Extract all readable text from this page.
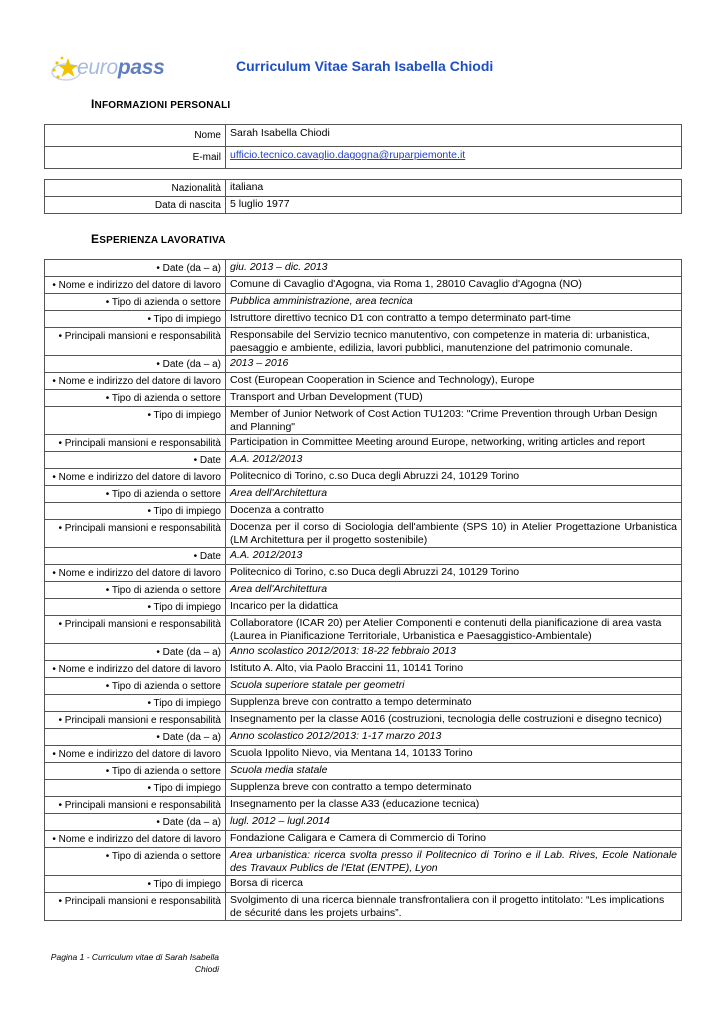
europass	Curriculum Vitae Sarah Isabella Chiodi
INFORMAZIONI PERSONALI
Nome	Sarah Isabella Chiodi
E-mail	ufficio.tecnico.cavaglio.dagogna@ruparpiemonte.it
Nazionalità	italiana
Data di nascita	5 luglio 1977
ESPERIENZA LAVORATIVA
• Date (da – a)	giu. 2013 – dic. 2013
• Nome e indirizzo del datore di lavoro	Comune di Cavaglio d'Agogna, via Roma 1, 28010 Cavaglio d'Agogna (NO)
• Tipo di azienda o settore	Pubblica amministrazione, area tecnica
• Tipo di impiego	Istruttore direttivo tecnico D1 con contratto a tempo determinato part-time
• Principali mansioni e responsabilità	Responsabile del Servizio tecnico manutentivo, con competenze in materia di: urbanistica, paesaggio e ambiente, edilizia, lavori pubblici, manutenzione del patrimonio comunale.
• Date (da – a)	2013 – 2016
• Nome e indirizzo del datore di lavoro	Cost (European Cooperation in Science and Technology), Europe
• Tipo di azienda o settore	Transport and Urban Development (TUD)
• Tipo di impiego	Member of Junior Network of Cost Action TU1203: "Crime Prevention through Urban Design and Planning"
• Principali mansioni e responsabilità	Participation in Committee Meeting around Europe, networking, writing articles and report
• Date	A.A. 2012/2013
• Nome e indirizzo del datore di lavoro	Politecnico di Torino, c.so Duca degli Abruzzi 24, 10129 Torino
• Tipo di azienda o settore	Area dell'Architettura
• Tipo di impiego	Docenza a contratto
• Principali mansioni e responsabilità	Docenza per il corso di Sociologia dell'ambiente (SPS 10) in Atelier Progettazione Urbanistica (LM Architettura per il progetto sostenibile)
• Date	A.A. 2012/2013
• Nome e indirizzo del datore di lavoro	Politecnico di Torino, c.so Duca degli Abruzzi 24, 10129 Torino
• Tipo di azienda o settore	Area dell'Architettura
• Tipo di impiego	Incarico per la didattica
• Principali mansioni e responsabilità	Collaboratore (ICAR 20) per Atelier Componenti e contenuti della pianificazione di area vasta (Laurea in Pianificazione Territoriale, Urbanistica e Paesaggistico-Ambientale)
• Date (da – a)	Anno scolastico 2012/2013: 18-22 febbraio 2013
• Nome e indirizzo del datore di lavoro	Istituto A. Alto, via Paolo Braccini 11, 10141 Torino
• Tipo di azienda o settore	Scuola superiore statale per geometri
• Tipo di impiego	Supplenza breve con contratto a tempo determinato
• Principali mansioni e responsabilità	Insegnamento per la classe A016 (costruzioni, tecnologia delle costruzioni e disegno tecnico)
• Date (da – a)	Anno scolastico 2012/2013: 1-17 marzo 2013
• Nome e indirizzo del datore di lavoro	Scuola Ippolito Nievo, via Mentana 14, 10133 Torino
• Tipo di azienda o settore	Scuola media statale
• Tipo di impiego	Supplenza breve con contratto a tempo determinato
• Principali mansioni e responsabilità	Insegnamento per la classe A33 (educazione tecnica)
• Date (da – a)	lugl. 2012 – lugl.2014
• Nome e indirizzo del datore di lavoro	Fondazione Caligara e Camera di Commercio di Torino
• Tipo di azienda o settore	Area urbanistica: ricerca svolta presso il Politecnico di Torino e il Lab. Rives, Ecole Nationale des Travaux Publics de l'Etat (ENTPE), Lyon
• Tipo di impiego	Borsa di ricerca
• Principali mansioni e responsabilità	Svolgimento di una ricerca biennale transfrontaliera con il progetto intitolato: “Les implications de sécurité dans les projets urbains”.
Pagina 1 - Curriculum vitae di Sarah Isabella Chiodi
